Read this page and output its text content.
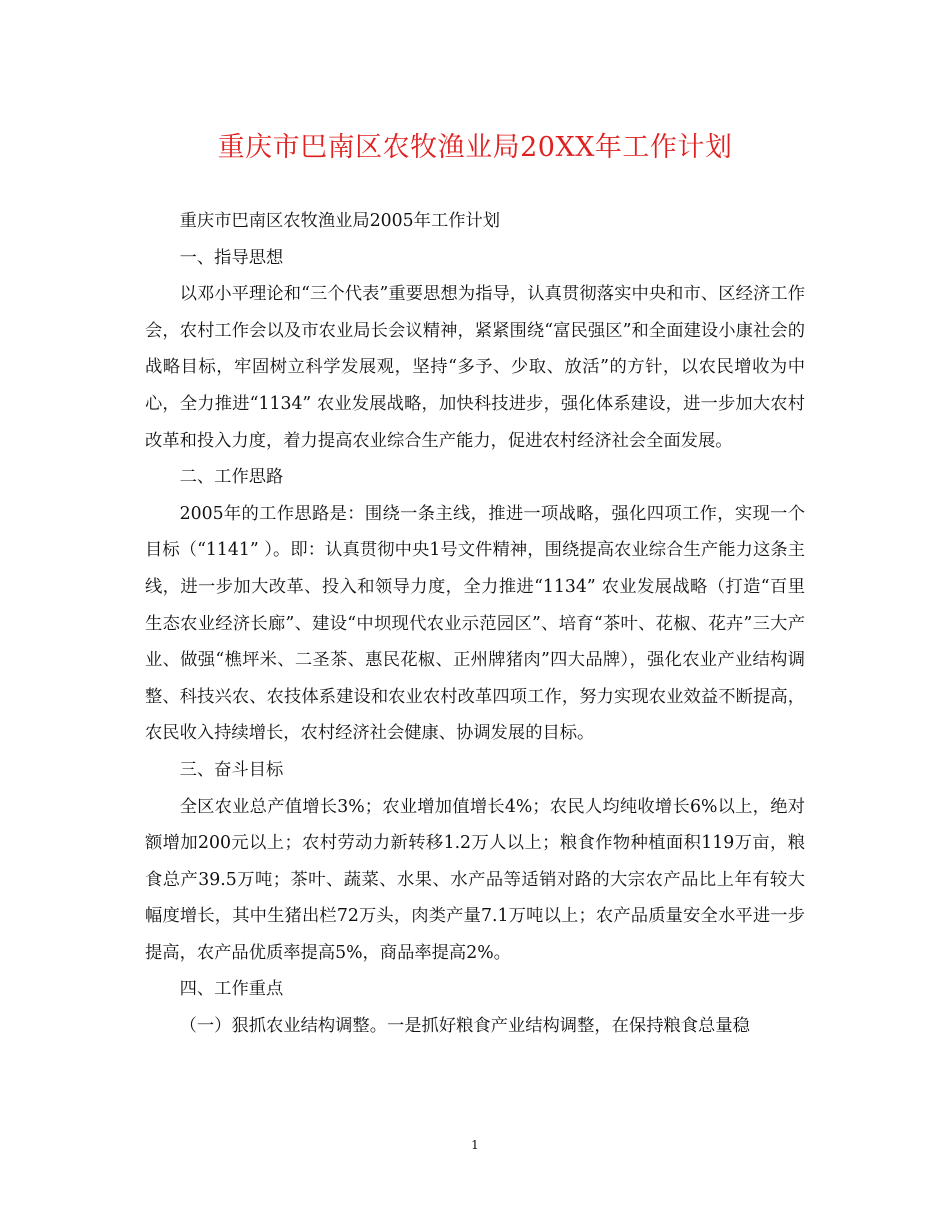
重庆市巴南区农牧渔业局20XX年工作计划

重庆市巴南区农牧渔业局2005年工作计划

一、指导思想

以邓小平理论和“三个代表”重要思想为指导，认真贯彻落实中央和市、区经济工作会，农村工作会以及市农业局长会议精神，紧紧围绕“富民强区”和全面建设小康社会的战略目标，牢固树立科学发展观，坚持“多予、少取、放活”的方针，以农民增收为中心，全力推进“1134” 农业发展战略，加快科技进步，强化体系建设，进一步加大农村改革和投入力度，着力提高农业综合生产能力，促进农村经济社会全面发展。

二、工作思路

2005年的工作思路是：围绕一条主线，推进一项战略，强化四项工作，实现一个目标（“1141” ）。即：认真贯彻中央1号文件精神，围绕提高农业综合生产能力这条主线，进一步加大改革、投入和领导力度，全力推进“1134” 农业发展战略（打造“百里生态农业经济长廊”、建设“中坝现代农业示范园区”、培育“茶叶、花椒、花卉”三大产业、做强“樵坪米、二圣茶、惠民花椒、正州牌猪肉”四大品牌），强化农业产业结构调整、科技兴农、农技体系建设和农业农村改革四项工作，努力实现农业效益不断提高，农民收入持续增长，农村经济社会健康、协调发展的目标。

三、奋斗目标

全区农业总产值增长3%；农业增加值增长4%；农民人均纯收增长6%以上，绝对额增加200元以上；农村劳动力新转移1.2万人以上；粮食作物种植面积119万亩，粮食总产39.5万吨；茶叶、蔬菜、水果、水产品等适销对路的大宗农产品比上年有较大幅度增长，其中生猪出栏72万头，肉类产量7.1万吨以上；农产品质量安全水平进一步提高，农产品优质率提高5%，商品率提高2%。

四、工作重点

（一）狠抓农业结构调整。一是抓好粮食产业结构调整，在保持粮食总量稳

1
